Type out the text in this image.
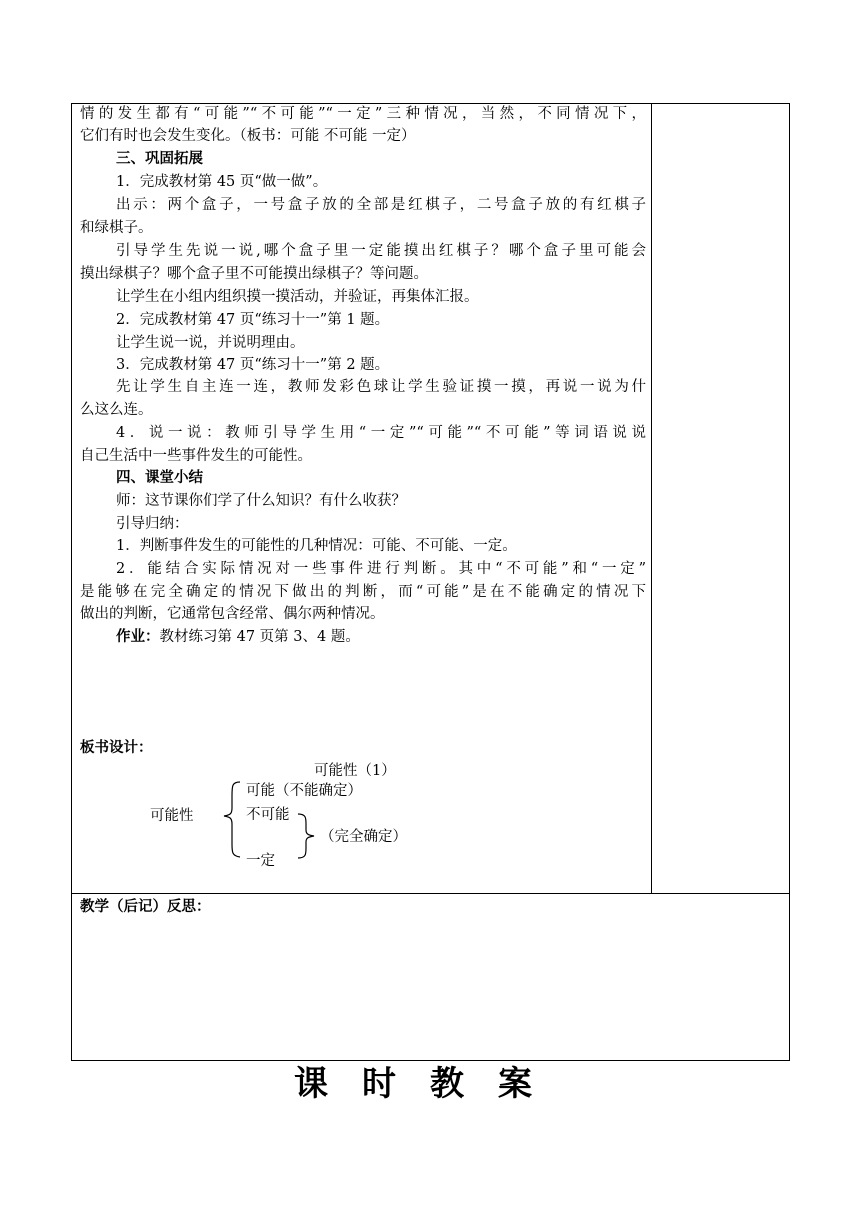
情的发生都有“可能”“不可能”“一定”三种情况，当然，不同情况下，
它们有时也会发生变化。（板书：可能 不可能 一定）
三、巩固拓展
1．完成教材第 45 页“做一做”。
出示：两个盒子，一号盒子放的全部是红棋子，二号盒子放的有红棋子
和绿棋子。
引导学生先说一说,哪个盒子里一定能摸出红棋子？哪个盒子里可能会
摸出绿棋子？哪个盒子里不可能摸出绿棋子？等问题。
让学生在小组内组织摸一摸活动，并验证，再集体汇报。
2．完成教材第 47 页“练习十一”第 1 题。
让学生说一说，并说明理由。
3．完成教材第 47 页“练习十一”第 2 题。
先让学生自主连一连，教师发彩色球让学生验证摸一摸，再说一说为什
么这么连。
4．说一说：教师引导学生用“一定”“可能”“不可能”等词语说说
自己生活中一些事件发生的可能性。
四、课堂小结
师：这节课你们学了什么知识？有什么收获？
引导归纳：
1．判断事件发生的可能性的几种情况：可能、不可能、一定。
2．能结合实际情况对一些事件进行判断。其中“不可能”和“一定”
是能够在完全确定的情况下做出的判断，而“可能”是在不能确定的情况下
做出的判断，它通常包含经常、偶尔两种情况。
作业：教材练习第 47 页第 3、4 题。
板书设计：
可能性（1）
可能性
可能（不能确定）
不可能
一定
（完全确定）
教学（后记）反思：
课时教案
